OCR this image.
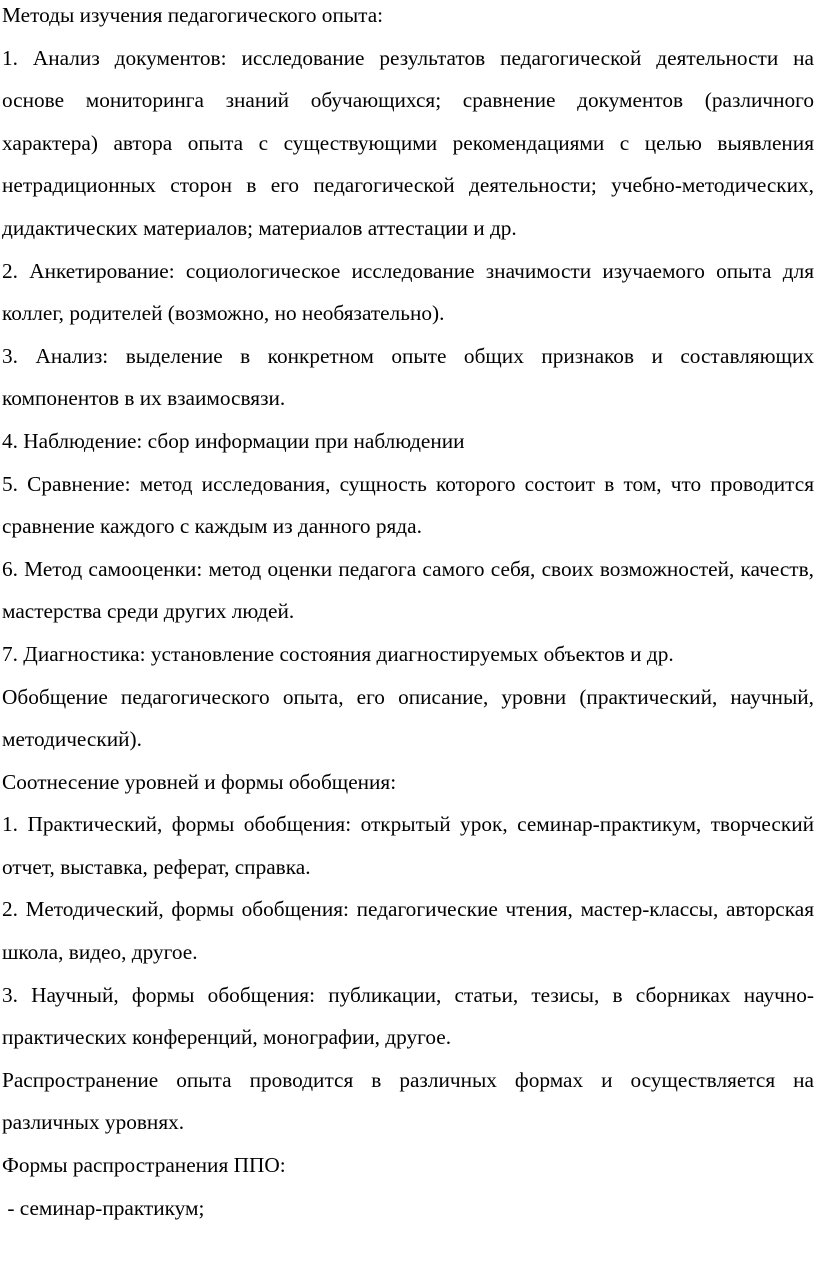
Методы изучения педагогического опыта:

1. Анализ документов: исследование результатов педагогической деятельности на основе мониторинга знаний обучающихся; сравнение документов (различного характера) автора опыта с существующими рекомендациями с целью выявления нетрадиционных сторон в его педагогической деятельности; учебно-методических, дидактических материалов; материалов аттестации и др.

2. Анкетирование: социологическое исследование значимости изучаемого опыта для коллег, родителей (возможно, но необязательно).

3. Анализ: выделение в конкретном опыте общих признаков и составляющих компонентов в их взаимосвязи.

4. Наблюдение: сбор информации при наблюдении

5. Сравнение: метод исследования, сущность которого состоит в том, что проводится сравнение каждого с каждым из данного ряда.

6. Метод самооценки: метод оценки педагога самого себя, своих возможностей, качеств, мастерства среди других людей.

7. Диагностика: установление состояния диагностируемых объектов и др.

Обобщение педагогического опыта, его описание, уровни (практический, научный, методический).

Соотнесение уровней и формы обобщения:

1. Практический, формы обобщения: открытый урок, семинар-практикум, творческий отчет, выставка, реферат, справка.

2. Методический, формы обобщения: педагогические чтения, мастер-классы, авторская школа, видео, другое.

3. Научный, формы обобщения: публикации, статьи, тезисы, в сборниках научно-практических конференций, монографии, другое.

Распространение опыта проводится в различных формах и осуществляется на различных уровнях.

Формы распространения ППО:

- семинар-практикум;
